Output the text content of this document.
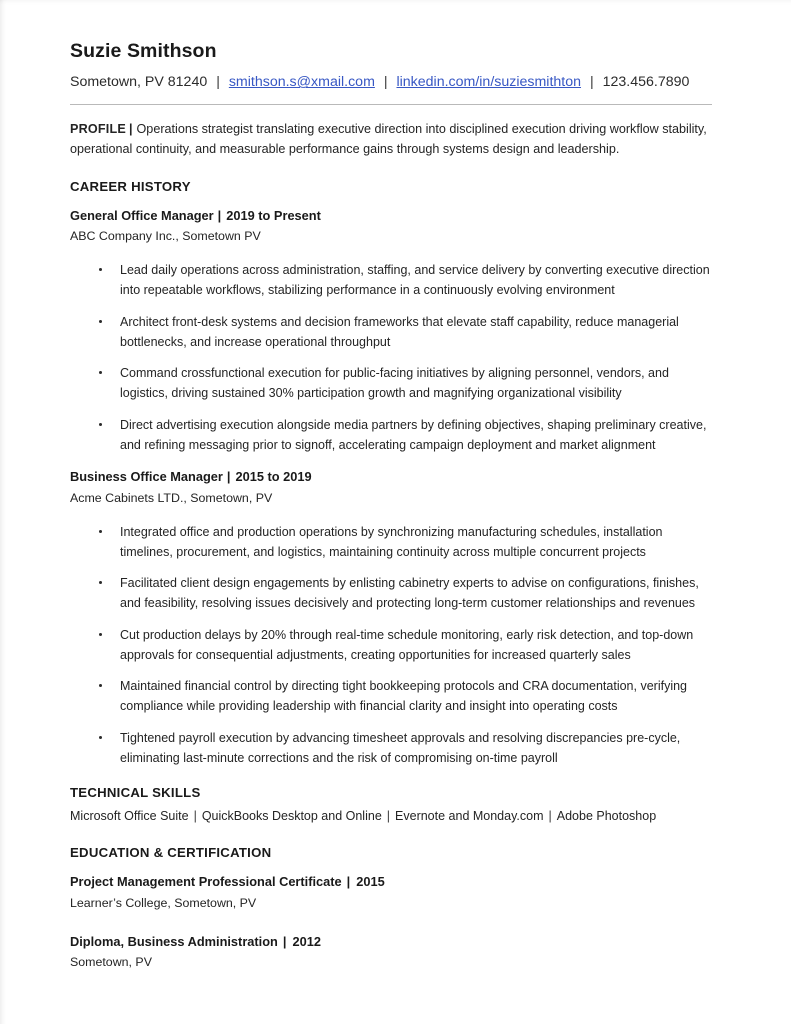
Suzie Smithson

Sometown, PV 81240 | smithson.s@xmail.com | linkedin.com/in/suziesmithton | 123.456.7890

PROFILE | Operations strategist translating executive direction into disciplined execution driving workflow stability, operational continuity, and measurable performance gains through systems design and leadership.

CAREER HISTORY

General Office Manager | 2019 to Present

ABC Company Inc., Sometown PV

Lead daily operations across administration, staffing, and service delivery by converting executive direction into repeatable workflows, stabilizing performance in a continuously evolving environment
Architect front-desk systems and decision frameworks that elevate staff capability, reduce managerial bottlenecks, and increase operational throughput
Command crossfunctional execution for public-facing initiatives by aligning personnel, vendors, and logistics, driving sustained 30% participation growth and magnifying organizational visibility
Direct advertising execution alongside media partners by defining objectives, shaping preliminary creative, and refining messaging prior to signoff, accelerating campaign deployment and market alignment

Business Office Manager | 2015 to 2019

Acme Cabinets LTD., Sometown, PV

Integrated office and production operations by synchronizing manufacturing schedules, installation timelines, procurement, and logistics, maintaining continuity across multiple concurrent projects
Facilitated client design engagements by enlisting cabinetry experts to advise on configurations, finishes, and feasibility, resolving issues decisively and protecting long-term customer relationships and revenues
Cut production delays by 20% through real-time schedule monitoring, early risk detection, and top-down approvals for consequential adjustments, creating opportunities for increased quarterly sales
Maintained financial control by directing tight bookkeeping protocols and CRA documentation, verifying compliance while providing leadership with financial clarity and insight into operating costs
Tightened payroll execution by advancing timesheet approvals and resolving discrepancies pre-cycle, eliminating last-minute corrections and the risk of compromising on-time payroll
TECHNICAL SKILLS

Microsoft Office Suite | QuickBooks Desktop and Online | Evernote and Monday.com | Adobe Photoshop

EDUCATION & CERTIFICATION

Project Management Professional Certificate | 2015

Learner’s College, Sometown, PV

Diploma, Business Administration | 2012

Sometown, PV
